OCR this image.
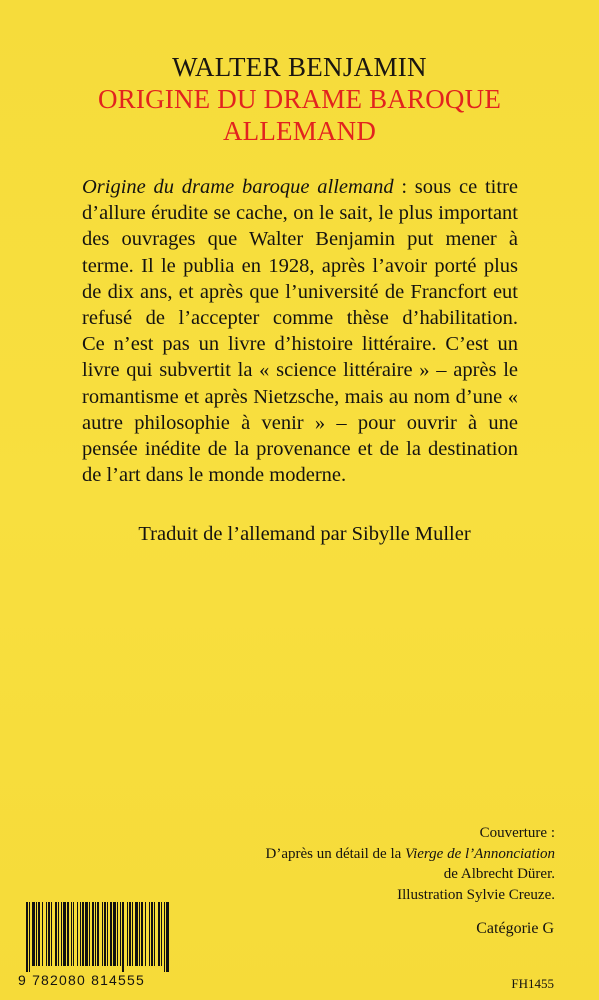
WALTER BENJAMIN
ORIGINE DU DRAME BAROQUE
ALLEMAND

Origine du drame baroque allemand : sous ce titre d’allure érudite se cache, on le sait, le plus important des ouvrages que Walter Benjamin put mener à terme. Il le publia en 1928, après l’avoir porté plus de dix ans, et après que l’université de Francfort eut refusé de l’accepter comme thèse d’habilitation.

Ce n’est pas un livre d’histoire littéraire. C’est un livre qui subvertit la « science littéraire » – après le romantisme et après Nietzsche, mais au nom d’une « autre philosophie à venir » – pour ouvrir à une pensée inédite de la provenance et de la destination de l’art dans le monde moderne.

Traduit de l’allemand par Sibylle Muller
Couverture :
D’après un détail de la Vierge de l’Annonciation
de Albrecht Dürer.
Illustration Sylvie Creuze.
9 782080 814555
Catégorie G
FH1455
